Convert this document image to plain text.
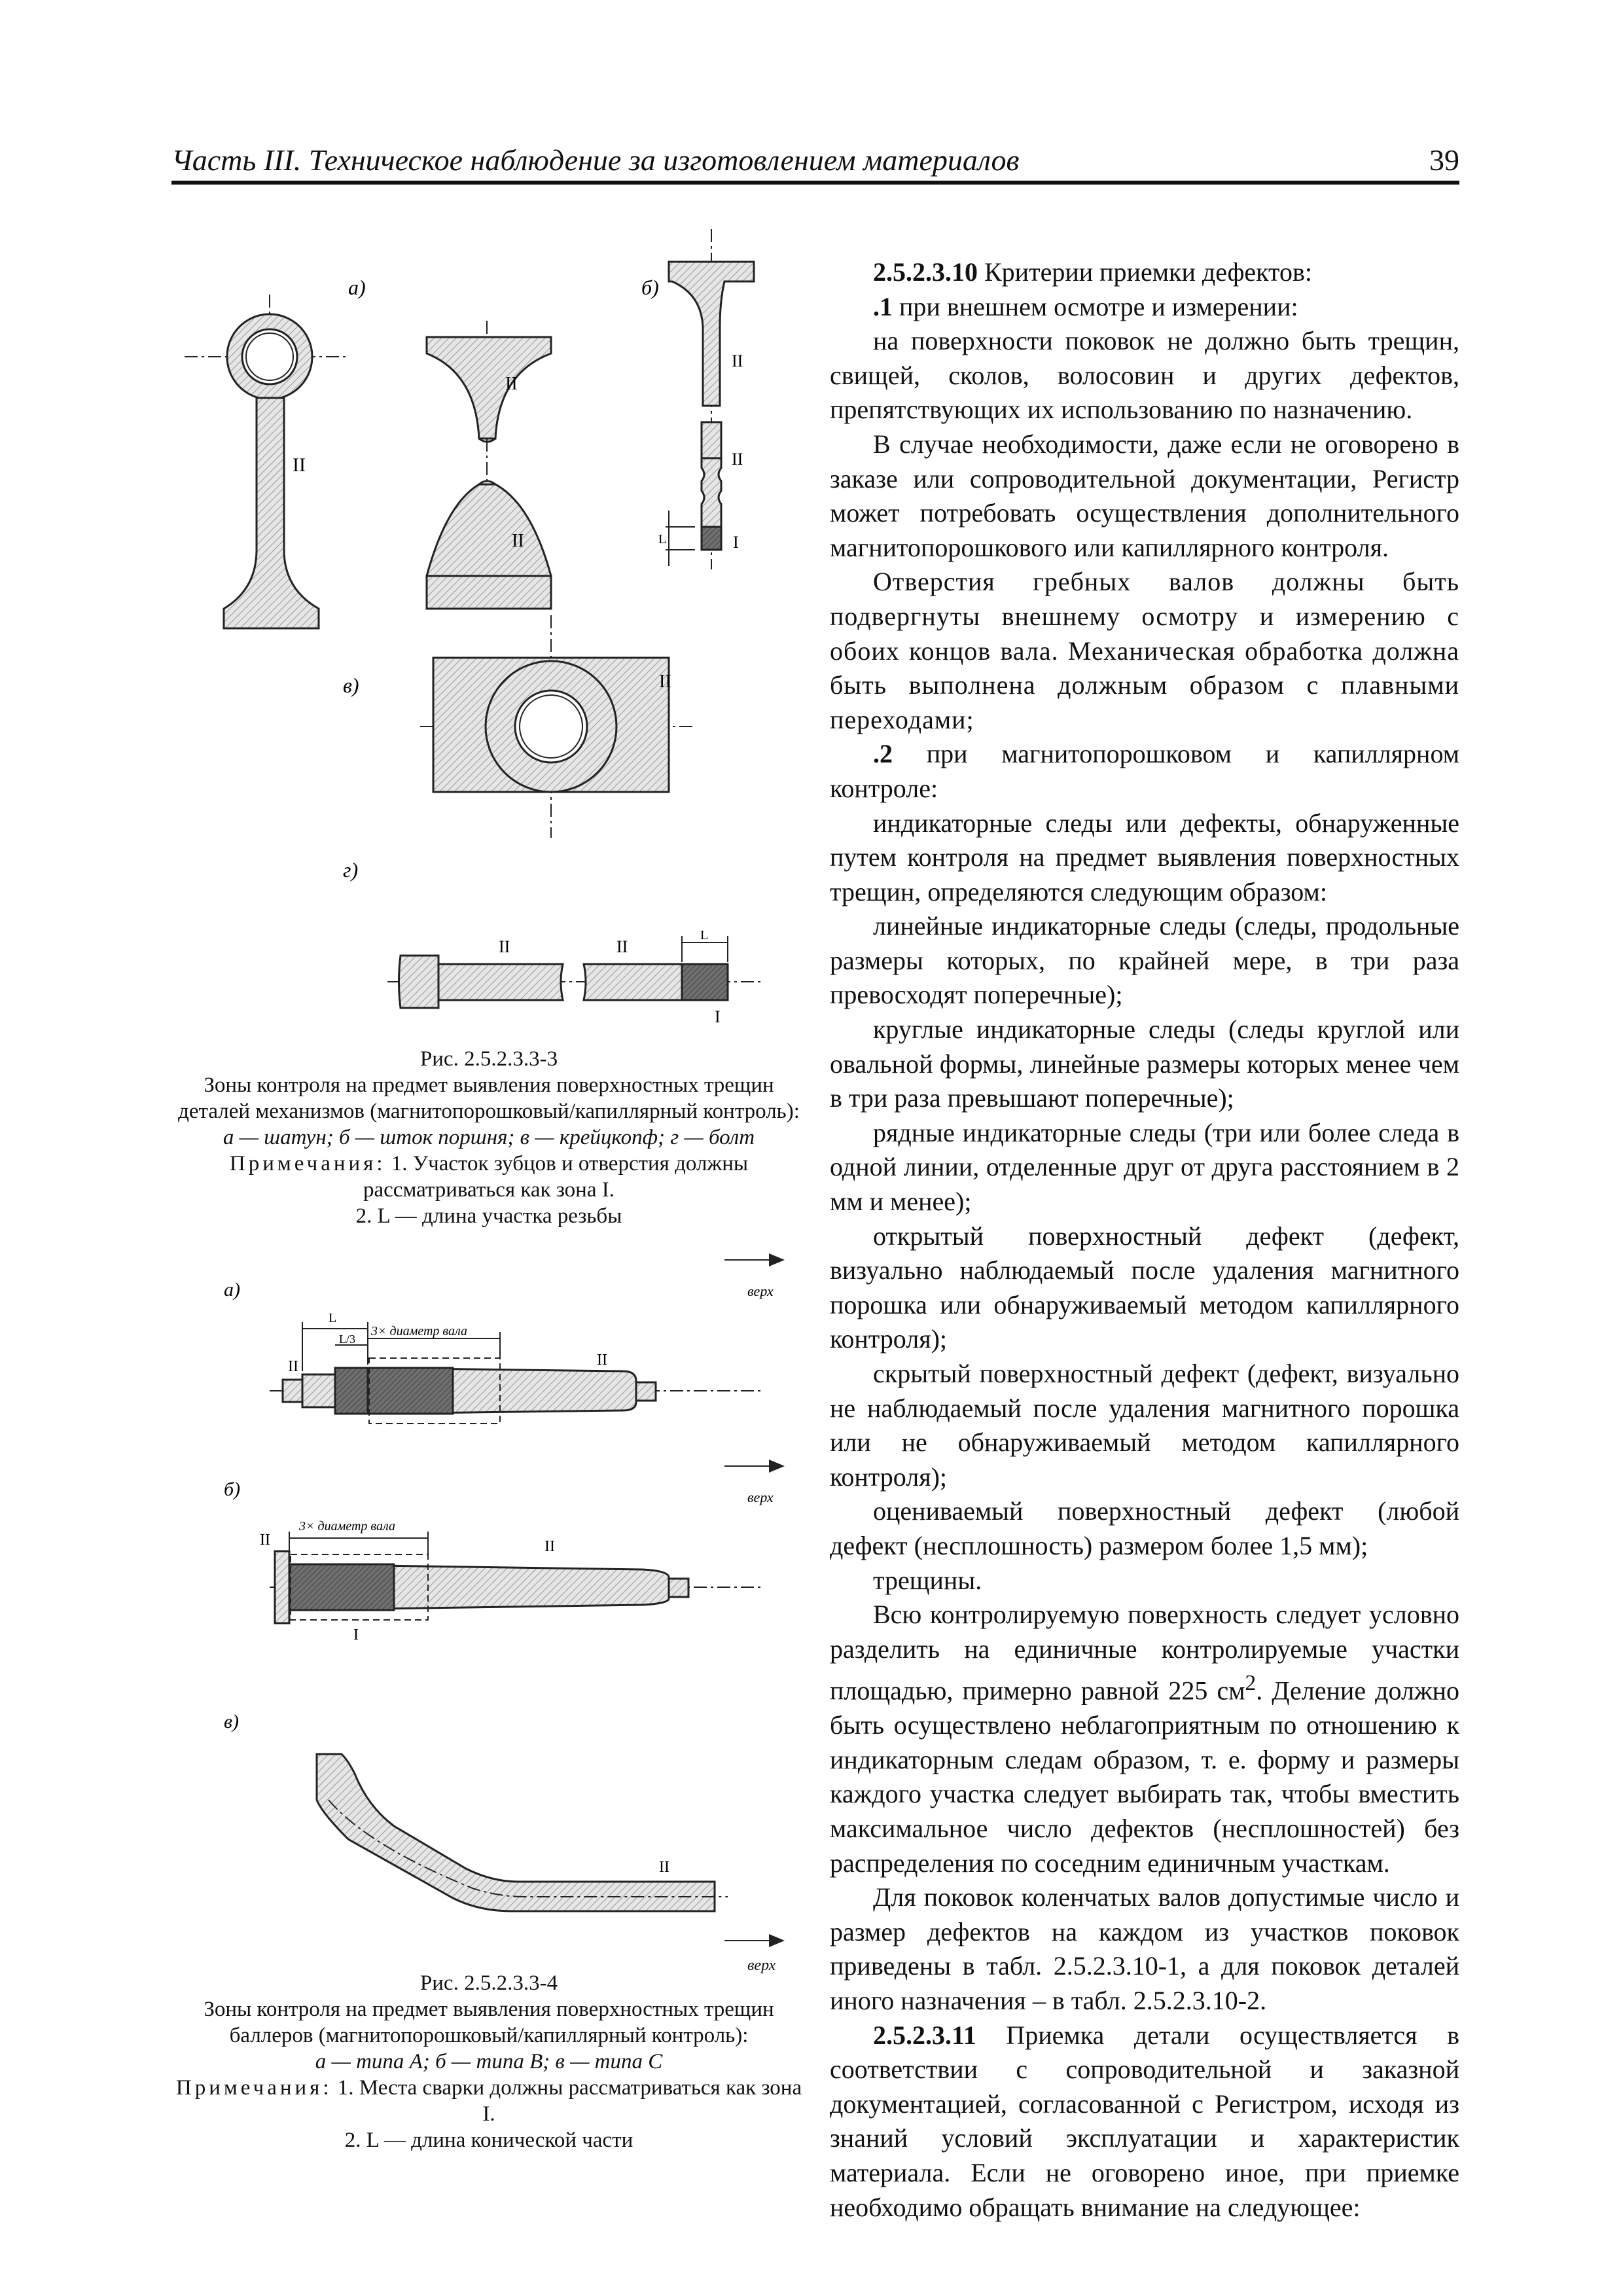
Часть III. Техническое наблюдение за изготовлением материалов	39
а)
II
II
II
б)
II
II
I
L
в)	II
г)
II	II
I
L
Рис. 2.5.2.3.3-3
Зоны контроля на предмет выявления поверхностных трещин
деталей механизмов (магнитопорошковый/капиллярный контроль):
а — шатун; б — шток поршня; в — крейцкопф; г — болт
Примечания: 1. Участок зубцов и отверстия должны
рассматриваться как зона I.
2. L — длина участка резьбы
а)	верх
L
L/3
3× диаметр вала
II	II
б)	верх
3× диаметр вала
II	II
I
в)
II
верх
Рис. 2.5.2.3.3-4
Зоны контроля на предмет выявления поверхностных трещин
баллеров (магнитопорошковый/капиллярный контроль):
а — типа А; б — типа В; в — типа С
Примечания: 1. Места сварки должны рассматриваться как зона I.
2. L — длина конической части

2.5.2.3.10 Критерии приемки дефектов:

.1 при внешнем осмотре и измерении:

на поверхности поковок не должно быть трещин, свищей, сколов, волосовин и других дефектов, препятствующих их использованию по назначению.

В случае необходимости, даже если не оговорено в заказе или сопроводительной документации, Регистр может потребовать осуществления дополнительного магнитопорошкового или капиллярного контроля.

Отверстия гребных валов должны быть подвергнуты внешнему осмотру и измерению с обоих концов вала. Механическая обработка должна быть выполнена должным образом с плавными переходами;

.2 при магнитопорошковом и капиллярном контроле:

индикаторные следы или дефекты, обнаруженные путем контроля на предмет выявления поверхностных трещин, определяются следующим образом:

линейные индикаторные следы (следы, продольные размеры которых, по крайней мере, в три раза превосходят поперечные);

круглые индикаторные следы (следы круглой или овальной формы, линейные размеры которых менее чем в три раза превышают поперечные);

рядные индикаторные следы (три или более следа в одной линии, отделенные друг от друга расстоянием в 2 мм и менее);

открытый поверхностный дефект (дефект, визуально наблюдаемый после удаления магнитного порошка или обнаруживаемый методом капиллярного контроля);

скрытый поверхностный дефект (дефект, визуально не наблюдаемый после удаления магнитного порошка или не обнаруживаемый методом капиллярного контроля);

оцениваемый поверхностный дефект (любой дефект (несплошность) размером более 1,5 мм);

трещины.

Всю контролируемую поверхность следует условно разделить на единичные контролируемые участки площадью, примерно равной 225 $см^2$. Деление должно быть осуществлено неблагоприятным по отношению к индикаторным следам образом, т. е. форму и размеры каждого участка следует выбирать так, чтобы вместить максимальное число дефектов (несплошностей) без распределения по соседним единичным участкам.

Для поковок коленчатых валов допустимые число и размер дефектов на каждом из участков поковок приведены в табл. 2.5.2.3.10-1, а для поковок деталей иного назначения – в табл. 2.5.2.3.10-2.

2.5.2.3.11 Приемка детали осуществляется в соответствии с сопроводительной и заказной документацией, согласованной с Регистром, исходя из знаний условий эксплуатации и характеристик материала. Если не оговорено иное, при приемке необходимо обращать внимание на следующее:
